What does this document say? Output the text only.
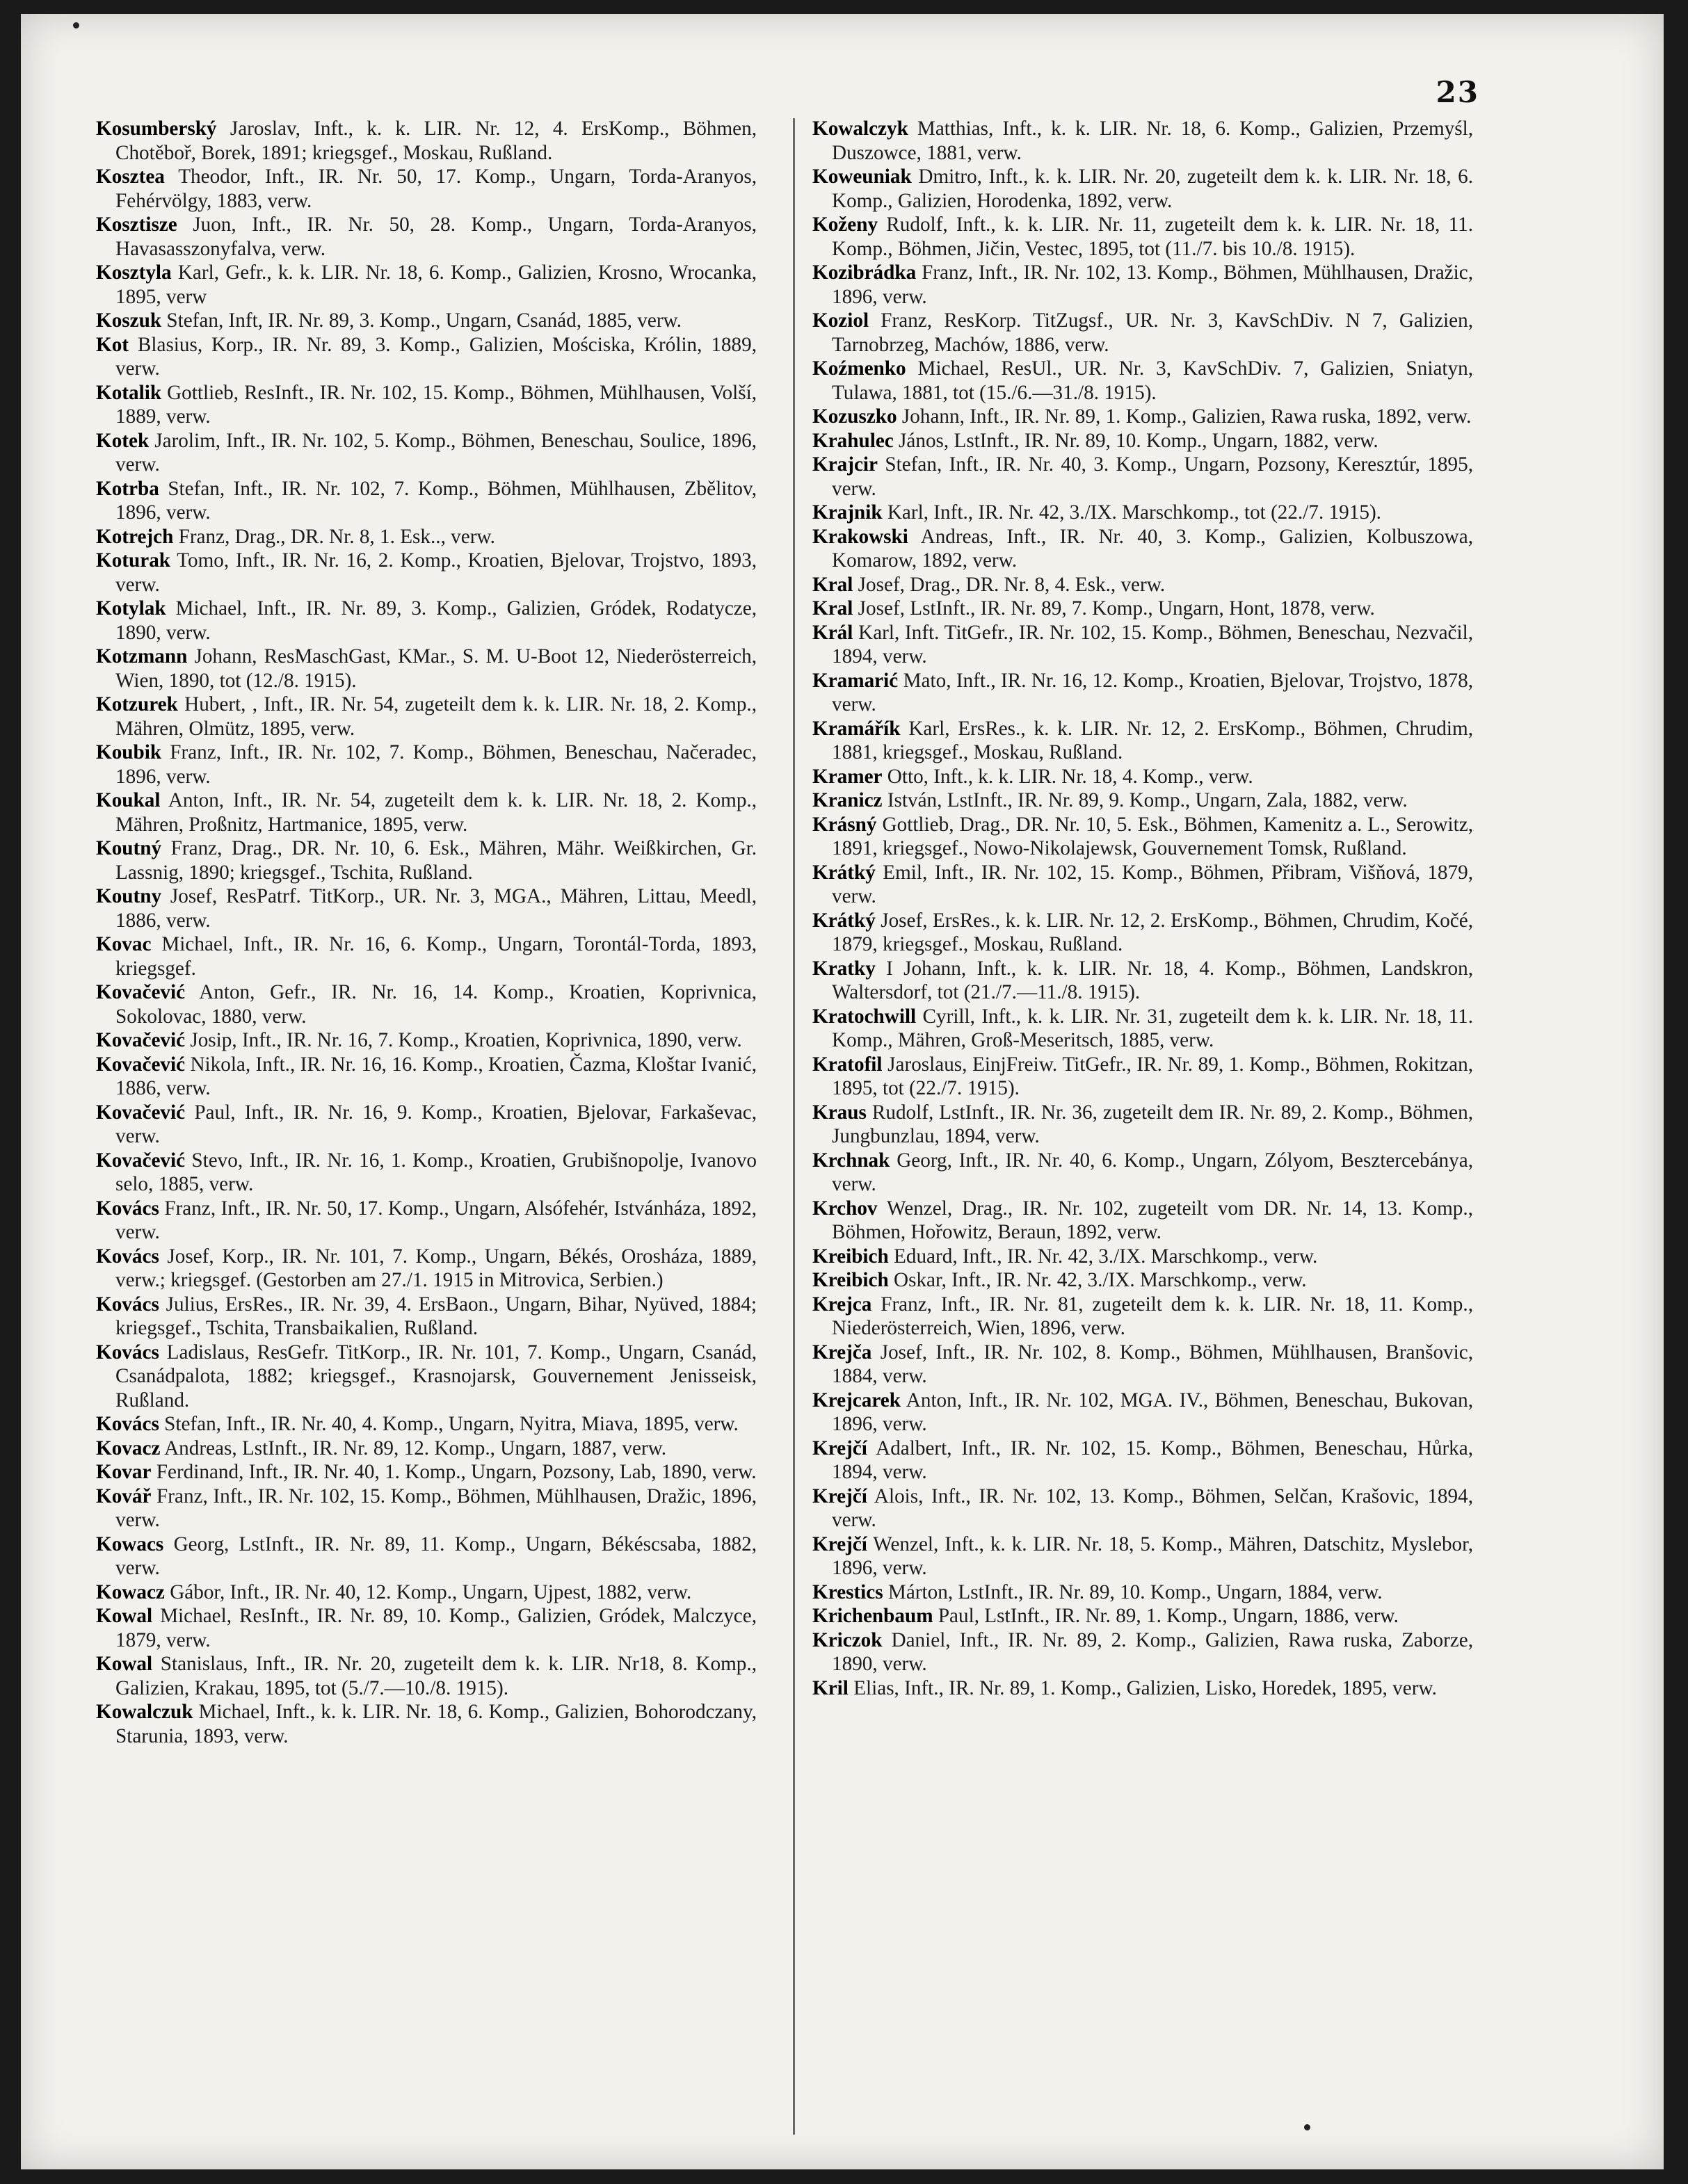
23

Kosumberský Jaroslav, Inft., k. k. LIR. Nr. 12, 4. ErsKomp., Böhmen, Chotěboř, Borek, 1891; kriegsgef., Moskau, Rußland.

Kosztea Theodor, Inft., IR. Nr. 50, 17. Komp., Ungarn, Torda-Aranyos, Fehérvölgy, 1883, verw.

Kosztisze Juon, Inft., IR. Nr. 50, 28. Komp., Ungarn, Torda-Aranyos, Havasasszonyfalva, verw.

Kosztyla Karl, Gefr., k. k. LIR. Nr. 18, 6. Komp., Galizien, Krosno, Wrocanka, 1895, verw

Koszuk Stefan, Inft, IR. Nr. 89, 3. Komp., Ungarn, Csanád, 1885, verw.

Kot Blasius, Korp., IR. Nr. 89, 3. Komp., Galizien, Mościska, Królin, 1889, verw.

Kotalik Gottlieb, ResInft., IR. Nr. 102, 15. Komp., Böhmen, Mühlhausen, Volší, 1889, verw.

Kotek Jarolim, Inft., IR. Nr. 102, 5. Komp., Böhmen, Beneschau, Soulice, 1896, verw.

Kotrba Stefan, Inft., IR. Nr. 102, 7. Komp., Böhmen, Mühlhausen, Zbělitov, 1896, verw.

Kotrejch Franz, Drag., DR. Nr. 8, 1. Esk.., verw.

Koturak Tomo, Inft., IR. Nr. 16, 2. Komp., Kroatien, Bjelovar, Trojstvo, 1893, verw.

Kotylak Michael, Inft., IR. Nr. 89, 3. Komp., Galizien, Gródek, Rodatycze, 1890, verw.

Kotzmann Johann, ResMaschGast, KMar., S. M. U-Boot 12, Niederösterreich, Wien, 1890, tot (12./8. 1915).

Kotzurek Hubert, , Inft., IR. Nr. 54, zugeteilt dem k. k. LIR. Nr. 18, 2. Komp., Mähren, Olmütz, 1895, verw.

Koubik Franz, Inft., IR. Nr. 102, 7. Komp., Böhmen, Beneschau, Načeradec, 1896, verw.

Koukal Anton, Inft., IR. Nr. 54, zugeteilt dem k. k. LIR. Nr. 18, 2. Komp., Mähren, Proßnitz, Hartmanice, 1895, verw.

Koutný Franz, Drag., DR. Nr. 10, 6. Esk., Mähren, Mähr. Weißkirchen, Gr. Lassnig, 1890; kriegsgef., Tschita, Rußland.

Koutny Josef, ResPatrf. TitKorp., UR. Nr. 3, MGA., Mähren, Littau, Meedl, 1886, verw.

Kovac Michael, Inft., IR. Nr. 16, 6. Komp., Ungarn, Torontál-Torda, 1893, kriegsgef.

Kovačević Anton, Gefr., IR. Nr. 16, 14. Komp., Kroatien, Koprivnica, Sokolovac, 1880, verw.

Kovačević Josip, Inft., IR. Nr. 16, 7. Komp., Kroatien, Koprivnica, 1890, verw.

Kovačević Nikola, Inft., IR. Nr. 16, 16. Komp., Kroatien, Čazma, Kloštar Ivanić, 1886, verw.

Kovačević Paul, Inft., IR. Nr. 16, 9. Komp., Kroatien, Bjelovar, Farkaševac, verw.

Kovačević Stevo, Inft., IR. Nr. 16, 1. Komp., Kroatien, Grubišnopolje, Ivanovo selo, 1885, verw.

Kovács Franz, Inft., IR. Nr. 50, 17. Komp., Ungarn, Alsófehér, Istvánháza, 1892, verw.

Kovács Josef, Korp., IR. Nr. 101, 7. Komp., Ungarn, Békés, Orosháza, 1889, verw.; kriegsgef. (Gestorben am 27./1. 1915 in Mitrovica, Serbien.)

Kovács Julius, ErsRes., IR. Nr. 39, 4. ErsBaon., Ungarn, Bihar, Nyüved, 1884; kriegsgef., Tschita, Transbaikalien, Rußland.

Kovács Ladislaus, ResGefr. TitKorp., IR. Nr. 101, 7. Komp., Ungarn, Csanád, Csanádpalota, 1882; kriegsgef., Krasnojarsk, Gouvernement Jenisseisk, Rußland.

Kovács Stefan, Inft., IR. Nr. 40, 4. Komp., Ungarn, Nyitra, Miava, 1895, verw.

Kovacz Andreas, LstInft., IR. Nr. 89, 12. Komp., Ungarn, 1887, verw.

Kovar Ferdinand, Inft., IR. Nr. 40, 1. Komp., Ungarn, Pozsony, Lab, 1890, verw.

Kovář Franz, Inft., IR. Nr. 102, 15. Komp., Böhmen, Mühlhausen, Dražic, 1896, verw.

Kowacs Georg, LstInft., IR. Nr. 89, 11. Komp., Ungarn, Békéscsaba, 1882, verw.

Kowacz Gábor, Inft., IR. Nr. 40, 12. Komp., Ungarn, Ujpest, 1882, verw.

Kowal Michael, ResInft., IR. Nr. 89, 10. Komp., Galizien, Gródek, Malczyce, 1879, verw.

Kowal Stanislaus, Inft., IR. Nr. 20, zugeteilt dem k. k. LIR. Nr18, 8. Komp., Galizien, Krakau, 1895, tot (5./7.—10./8. 1915).

Kowalczuk Michael, Inft., k. k. LIR. Nr. 18, 6. Komp., Galizien, Bohorodczany, Starunia, 1893, verw.

Kowalczyk Matthias, Inft., k. k. LIR. Nr. 18, 6. Komp., Galizien, Przemyśl, Duszowce, 1881, verw.

Koweuniak Dmitro, Inft., k. k. LIR. Nr. 20, zugeteilt dem k. k. LIR. Nr. 18, 6. Komp., Galizien, Horodenka, 1892, verw.

Koženy Rudolf, Inft., k. k. LIR. Nr. 11, zugeteilt dem k. k. LIR. Nr. 18, 11. Komp., Böhmen, Jičin, Vestec, 1895, tot (11./7. bis 10./8. 1915).

Kozibrádka Franz, Inft., IR. Nr. 102, 13. Komp., Böhmen, Mühlhausen, Dražic, 1896, verw.

Koziol Franz, ResKorp. TitZugsf., UR. Nr. 3, KavSchDiv. N 7, Galizien, Tarnobrzeg, Machów, 1886, verw.

Koźmenko Michael, ResUl., UR. Nr. 3, KavSchDiv. 7, Galizien, Sniatyn, Tulawa, 1881, tot (15./6.—31./8. 1915).

Kozuszko Johann, Inft., IR. Nr. 89, 1. Komp., Galizien, Rawa ruska, 1892, verw.

Krahulec János, LstInft., IR. Nr. 89, 10. Komp., Ungarn, 1882, verw.

Krajcir Stefan, Inft., IR. Nr. 40, 3. Komp., Ungarn, Pozsony, Keresztúr, 1895, verw.

Krajnik Karl, Inft., IR. Nr. 42, 3./IX. Marschkomp., tot (22./7. 1915).

Krakowski Andreas, Inft., IR. Nr. 40, 3. Komp., Galizien, Kolbuszowa, Komarow, 1892, verw.

Kral Josef, Drag., DR. Nr. 8, 4. Esk., verw.

Kral Josef, LstInft., IR. Nr. 89, 7. Komp., Ungarn, Hont, 1878, verw.

Král Karl, Inft. TitGefr., IR. Nr. 102, 15. Komp., Böhmen, Beneschau, Nezvačil, 1894, verw.

Kramarić Mato, Inft., IR. Nr. 16, 12. Komp., Kroatien, Bjelovar, Trojstvo, 1878, verw.

Kramářík Karl, ErsRes., k. k. LIR. Nr. 12, 2. ErsKomp., Böhmen, Chrudim, 1881, kriegsgef., Moskau, Rußland.

Kramer Otto, Inft., k. k. LIR. Nr. 18, 4. Komp., verw.

Kranicz István, LstInft., IR. Nr. 89, 9. Komp., Ungarn, Zala, 1882, verw.

Krásný Gottlieb, Drag., DR. Nr. 10, 5. Esk., Böhmen, Kamenitz a. L., Serowitz, 1891, kriegsgef., Nowo-Nikolajewsk, Gouvernement Tomsk, Rußland.

Krátký Emil, Inft., IR. Nr. 102, 15. Komp., Böhmen, Přibram, Višňová, 1879, verw.

Krátký Josef, ErsRes., k. k. LIR. Nr. 12, 2. ErsKomp., Böhmen, Chrudim, Kočé, 1879, kriegsgef., Moskau, Rußland.

Kratky I Johann, Inft., k. k. LIR. Nr. 18, 4. Komp., Böhmen, Landskron, Waltersdorf, tot (21./7.—11./8. 1915).

Kratochwill Cyrill, Inft., k. k. LIR. Nr. 31, zugeteilt dem k. k. LIR. Nr. 18, 11. Komp., Mähren, Groß-Meseritsch, 1885, verw.

Kratofil Jaroslaus, EinjFreiw. TitGefr., IR. Nr. 89, 1. Komp., Böhmen, Rokitzan, 1895, tot (22./7. 1915).

Kraus Rudolf, LstInft., IR. Nr. 36, zugeteilt dem IR. Nr. 89, 2. Komp., Böhmen, Jungbunzlau, 1894, verw.

Krchnak Georg, Inft., IR. Nr. 40, 6. Komp., Ungarn, Zólyom, Besztercebánya, verw.

Krchov Wenzel, Drag., IR. Nr. 102, zugeteilt vom DR. Nr. 14, 13. Komp., Böhmen, Hořowitz, Beraun, 1892, verw.

Kreibich Eduard, Inft., IR. Nr. 42, 3./IX. Marschkomp., verw.

Kreibich Oskar, Inft., IR. Nr. 42, 3./IX. Marschkomp., verw.

Krejca Franz, Inft., IR. Nr. 81, zugeteilt dem k. k. LIR. Nr. 18, 11. Komp., Niederösterreich, Wien, 1896, verw.

Krejča Josef, Inft., IR. Nr. 102, 8. Komp., Böhmen, Mühlhausen, Branšovic, 1884, verw.

Krejcarek Anton, Inft., IR. Nr. 102, MGA. IV., Böhmen, Beneschau, Bukovan, 1896, verw.

Krejčí Adalbert, Inft., IR. Nr. 102, 15. Komp., Böhmen, Beneschau, Hůrka, 1894, verw.

Krejčí Alois, Inft., IR. Nr. 102, 13. Komp., Böhmen, Selčan, Krašovic, 1894, verw.

Krejčí Wenzel, Inft., k. k. LIR. Nr. 18, 5. Komp., Mähren, Datschitz, Myslebor, 1896, verw.

Krestics Márton, LstInft., IR. Nr. 89, 10. Komp., Ungarn, 1884, verw.

Krichenbaum Paul, LstInft., IR. Nr. 89, 1. Komp., Ungarn, 1886, verw.

Kriczok Daniel, Inft., IR. Nr. 89, 2. Komp., Galizien, Rawa ruska, Zaborze, 1890, verw.

Kril Elias, Inft., IR. Nr. 89, 1. Komp., Galizien, Lisko, Horedek, 1895, verw.
